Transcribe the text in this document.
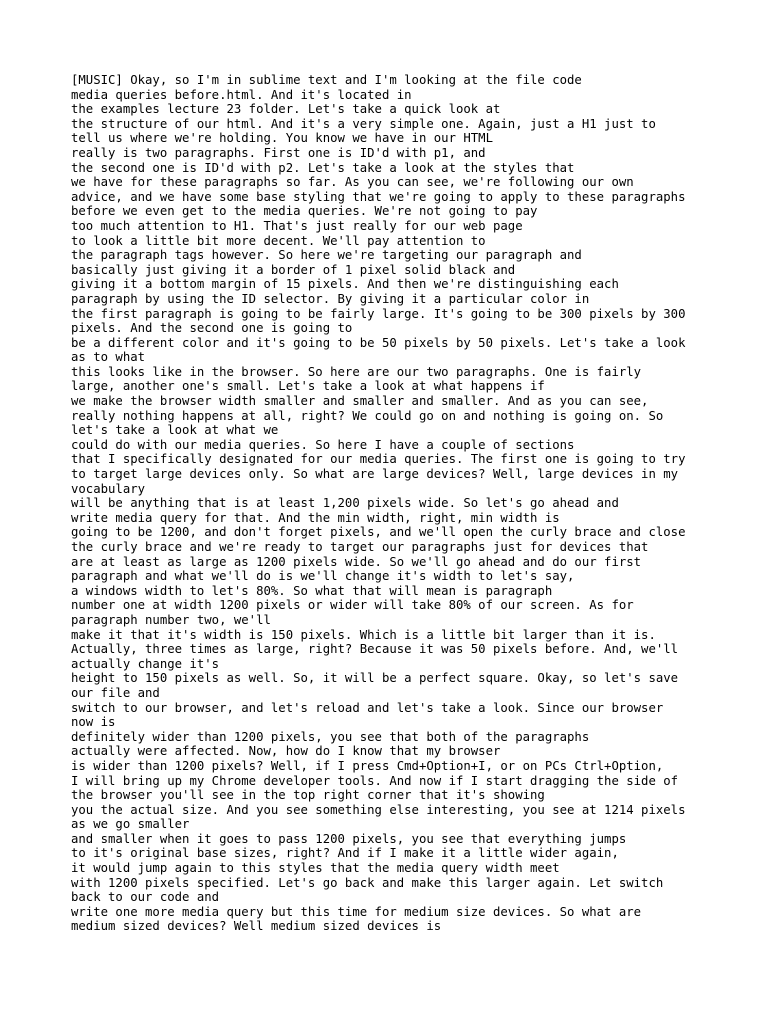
[MUSIC] Okay, so I'm in sublime text and I'm looking at the file code
media queries before.html. And it's located in
the examples lecture 23 folder. Let's take a quick look at
the structure of our html. And it's a very simple one. Again, just a H1 just to
tell us where we're holding. You know we have in our HTML
really is two paragraphs. First one is ID'd with p1, and
the second one is ID'd with p2. Let's take a look at the styles that
we have for these paragraphs so far. As you can see, we're following our own
advice, and we have some base styling that we're going to apply to these paragraphs
before we even get to the media queries. We're not going to pay
too much attention to H1. That's just really for our web page
to look a little bit more decent. We'll pay attention to
the paragraph tags however. So here we're targeting our paragraph and
basically just giving it a border of 1 pixel solid black and
giving it a bottom margin of 15 pixels. And then we're distinguishing each
paragraph by using the ID selector. By giving it a particular color in
the first paragraph is going to be fairly large. It's going to be 300 pixels by 300
pixels. And the second one is going to
be a different color and it's going to be 50 pixels by 50 pixels. Let's take a look
as to what
this looks like in the browser. So here are our two paragraphs. One is fairly
large, another one's small. Let's take a look at what happens if
we make the browser width smaller and smaller and smaller. And as you can see,
really nothing happens at all, right? We could go on and nothing is going on. So
let's take a look at what we
could do with our media queries. So here I have a couple of sections
that I specifically designated for our media queries. The first one is going to try
to target large devices only. So what are large devices? Well, large devices in my
vocabulary
will be anything that is at least 1,200 pixels wide. So let's go ahead and
write media query for that. And the min width, right, min width is
going to be 1200, and don't forget pixels, and we'll open the curly brace and close
the curly brace and we're ready to target our paragraphs just for devices that
are at least as large as 1200 pixels wide. So we'll go ahead and do our first
paragraph and what we'll do is we'll change it's width to let's say,
a windows width to let's 80%. So what that will mean is paragraph
number one at width 1200 pixels or wider will take 80% of our screen. As for
paragraph number two, we'll
make it that it's width is 150 pixels. Which is a little bit larger than it is.
Actually, three times as large, right? Because it was 50 pixels before. And, we'll
actually change it's
height to 150 pixels as well. So, it will be a perfect square. Okay, so let's save
our file and
switch to our browser, and let's reload and let's take a look. Since our browser
now is
definitely wider than 1200 pixels, you see that both of the paragraphs
actually were affected. Now, how do I know that my browser
is wider than 1200 pixels? Well, if I press Cmd+Option+I, or on PCs Ctrl+Option,
I will bring up my Chrome developer tools. And now if I start dragging the side of
the browser you'll see in the top right corner that it's showing
you the actual size. And you see something else interesting, you see at 1214 pixels
as we go smaller
and smaller when it goes to pass 1200 pixels, you see that everything jumps
to it's original base sizes, right? And if I make it a little wider again,
it would jump again to this styles that the media query width meet
with 1200 pixels specified. Let's go back and make this larger again. Let switch
back to our code and
write one more media query but this time for medium size devices. So what are
medium sized devices? Well medium sized devices is
